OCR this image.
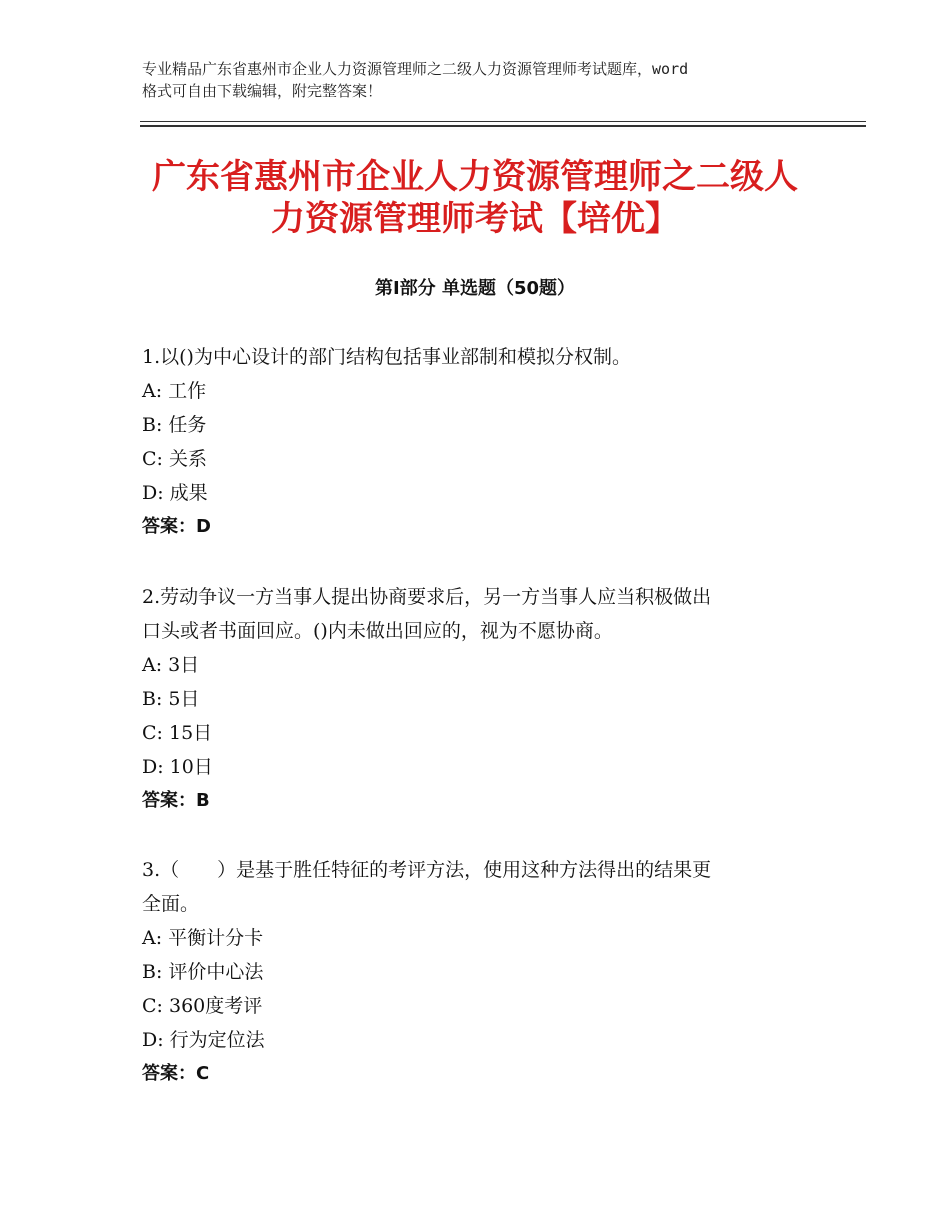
专业精品广东省惠州市企业人力资源管理师之二级人力资源管理师考试题库，word
格式可自由下载编辑，附完整答案！
广东省惠州市企业人力资源管理师之二级人
力资源管理师考试【培优】
第Ⅰ部分 单选题（50题）

1.以()为中心设计的部门结构包括事业部制和模拟分权制。

A: 工作

B: 任务

C: 关系

D: 成果

答案：D

2.劳动争议一方当事人提出协商要求后，另一方当事人应当积极做出

口头或者书面回应。()内未做出回应的，视为不愿协商。

A: 3日

B: 5日

C: 15日

D: 10日

答案：B

3.（　　）是基于胜任特征的考评方法，使用这种方法得出的结果更

全面。

A: 平衡计分卡

B: 评价中心法

C: 360度考评

D: 行为定位法

答案：C
